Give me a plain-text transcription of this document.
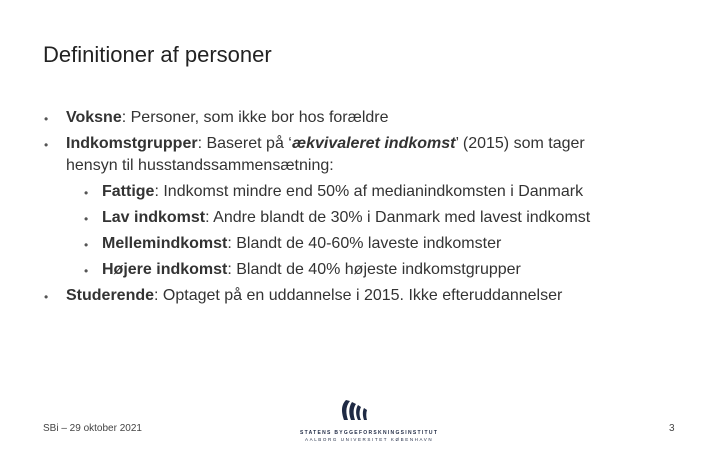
Definitioner af personer
• Voksne: Personer, som ikke bor hos forældre
• Indkomstgrupper: Baseret på ‘ækvivaleret indkomst’ (2015) som tager
hensyn til husstandssammensætning:
• Fattige: Indkomst mindre end 50% af medianindkomsten i Danmark
• Lav indkomst: Andre blandt de 30% i Danmark med lavest indkomst
• Mellemindkomst: Blandt de 40-60% laveste indkomster
• Højere indkomst: Blandt de 40% højeste indkomstgrupper
• Studerende: Optaget på en uddannelse i 2015. Ikke efteruddannelser
SBi – 29 oktober 2021	STATENS BYGGEFORSKNINGSINSTITUT
AALBORG UNIVERSITET KØBENHAVN
3
